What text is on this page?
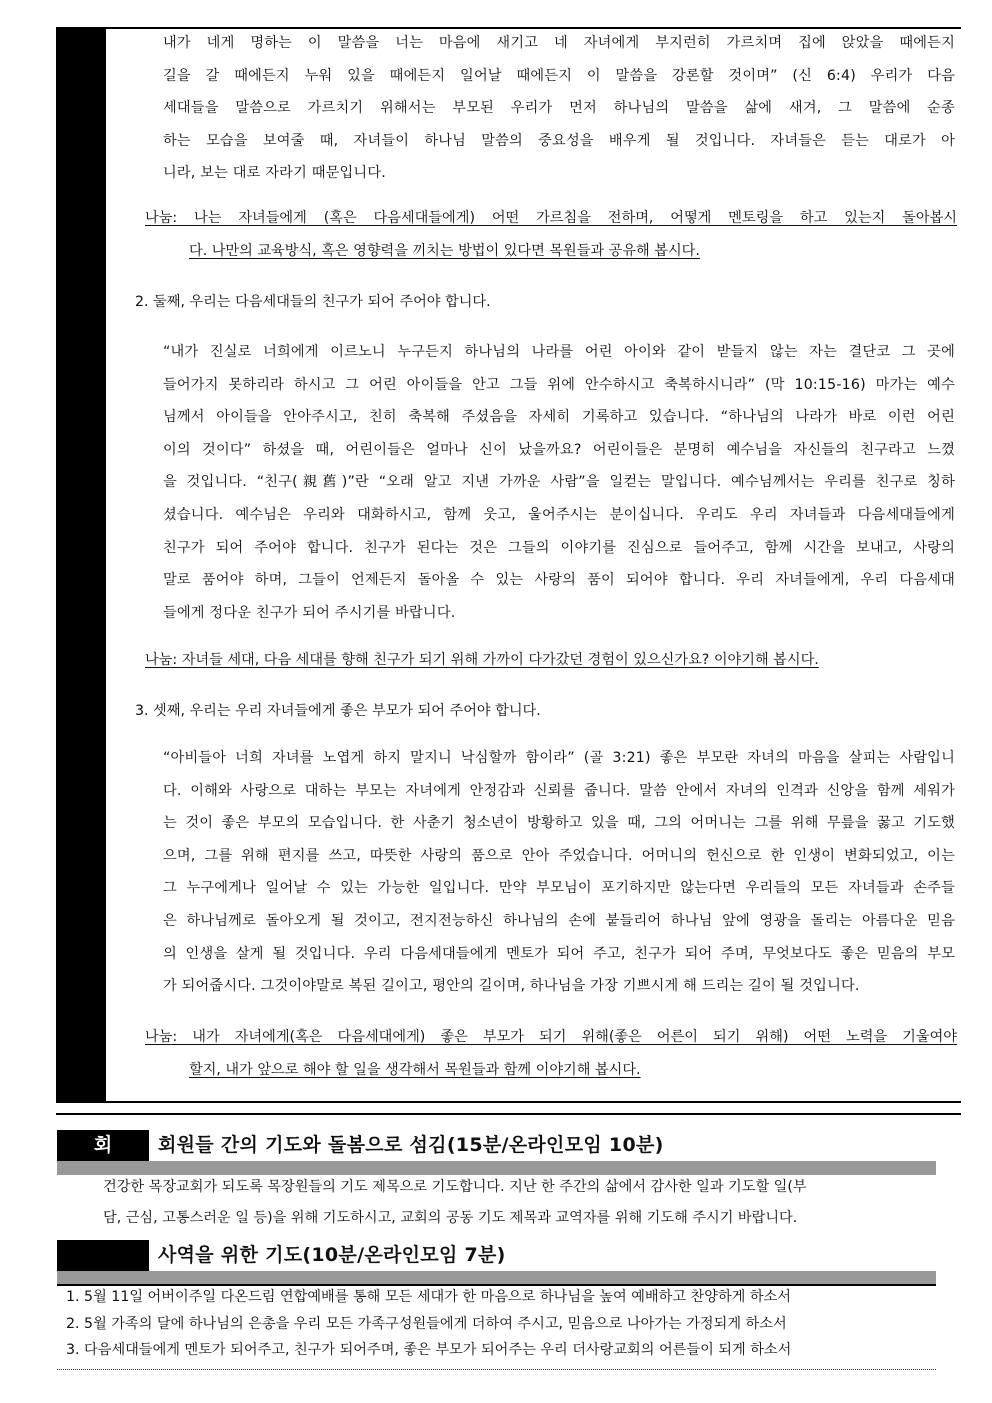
내가 네게 명하는 이 말씀을 너는 마음에 새기고 네 자녀에게 부지런히 가르치며 집에 앉았을 때에든지
길을 갈 때에든지 누워 있을 때에든지 일어날 때에든지 이 말씀을 강론할 것이며” (신 6:4) 우리가 다음
세대들을 말씀으로 가르치기 위해서는 부모된 우리가 먼저 하나님의 말씀을 삶에 새겨, 그 말씀에 순종
하는 모습을 보여줄 때, 자녀들이 하나님 말씀의 중요성을 배우게 될 것입니다. 자녀들은 듣는 대로가 아
니라, 보는 대로 자라기 때문입니다.
나눔: 나는 자녀들에게 (혹은 다음세대들에게) 어떤 가르침을 전하며, 어떻게 멘토링을 하고 있는지 돌아봅시
다. 나만의 교육방식, 혹은 영향력을 끼치는 방법이 있다면 목원들과 공유해 봅시다.
2. 둘째, 우리는 다음세대들의 친구가 되어 주어야 합니다.
“내가 진실로 너희에게 이르노니 누구든지 하나님의 나라를 어린 아이와 같이 받들지 않는 자는 결단코 그 곳에
들어가지 못하리라 하시고 그 어린 아이들을 안고 그들 위에 안수하시고 축복하시니라” (막 10:15-16) 마가는 예수
님께서 아이들을 안아주시고, 친히 축복해 주셨음을 자세히 기록하고 있습니다. “하나님의 나라가 바로 이런 어린
이의 것이다” 하셨을 때, 어린이들은 얼마나 신이 났을까요? 어린이들은 분명히 예수님을 자신들의 친구라고 느꼈
을 것입니다. “친구(親舊)”란 “오래 알고 지낸 가까운 사람”을 일컫는 말입니다. 예수님께서는 우리를 친구로 칭하
셨습니다. 예수님은 우리와 대화하시고, 함께 웃고, 울어주시는 분이십니다. 우리도 우리 자녀들과 다음세대들에게
친구가 되어 주어야 합니다. 친구가 된다는 것은 그들의 이야기를 진심으로 들어주고, 함께 시간을 보내고, 사랑의
말로 품어야 하며, 그들이 언제든지 돌아올 수 있는 사랑의 품이 되어야 합니다. 우리 자녀들에게, 우리 다음세대
들에게 정다운 친구가 되어 주시기를 바랍니다.
나눔: 자녀들 세대, 다음 세대를 향해 친구가 되기 위해 가까이 다가갔던 경험이 있으신가요? 이야기해 봅시다.
3. 셋째, 우리는 우리 자녀들에게 좋은 부모가 되어 주어야 합니다.
“아비들아 너희 자녀를 노엽게 하지 말지니 낙심할까 함이라” (골 3:21) 좋은 부모란 자녀의 마음을 살피는 사람입니
다. 이해와 사랑으로 대하는 부모는 자녀에게 안정감과 신뢰를 줍니다. 말씀 안에서 자녀의 인격과 신앙을 함께 세워가
는 것이 좋은 부모의 모습입니다. 한 사춘기 청소년이 방황하고 있을 때, 그의 어머니는 그를 위해 무릎을 꿇고 기도했
으며, 그를 위해 편지를 쓰고, 따뜻한 사랑의 품으로 안아 주었습니다. 어머니의 헌신으로 한 인생이 변화되었고, 이는
그 누구에게나 일어날 수 있는 가능한 일입니다. 만약 부모님이 포기하지만 않는다면 우리들의 모든 자녀들과 손주들
은 하나님께로 돌아오게 될 것이고, 전지전능하신 하나님의 손에 붙들리어 하나님 앞에 영광을 돌리는 아름다운 믿음
의 인생을 살게 될 것입니다. 우리 다음세대들에게 멘토가 되어 주고, 친구가 되어 주며, 무엇보다도 좋은 믿음의 부모
가 되어줍시다. 그것이야말로 복된 길이고, 평안의 길이며, 하나님을 가장 기쁘시게 해 드리는 길이 될 것입니다.
나눔: 내가 자녀에게(혹은 다음세대에게) 좋은 부모가 되기 위해(좋은 어른이 되기 위해) 어떤 노력을 기울여야
할지, 내가 앞으로 해야 할 일을 생각해서 목원들과 함께 이야기해 봅시다.
회	회원들 간의 기도와 돌봄으로 섬김(15분/온라인모임 10분)
건강한 목장교회가 되도록 목장원들의 기도 제목으로 기도합니다. 지난 한 주간의 삶에서 감사한 일과 기도할 일(부
담, 근심, 고통스러운 일 등)을 위해 기도하시고, 교회의 공동 기도 제목과 교역자를 위해 기도해 주시기 바랍니다.
사역을 위한 기도(10분/온라인모임 7분)
1. 5월 11일 어버이주일 다온드림 연합예배를 통해 모든 세대가 한 마음으로 하나님을 높여 예배하고 찬양하게 하소서
2. 5월 가족의 달에 하나님의 은총을 우리 모든 가족구성원들에게 더하여 주시고, 믿음으로 나아가는 가정되게 하소서
3. 다음세대들에게 멘토가 되어주고, 친구가 되어주며, 좋은 부모가 되어주는 우리 더사랑교회의 어른들이 되게 하소서
